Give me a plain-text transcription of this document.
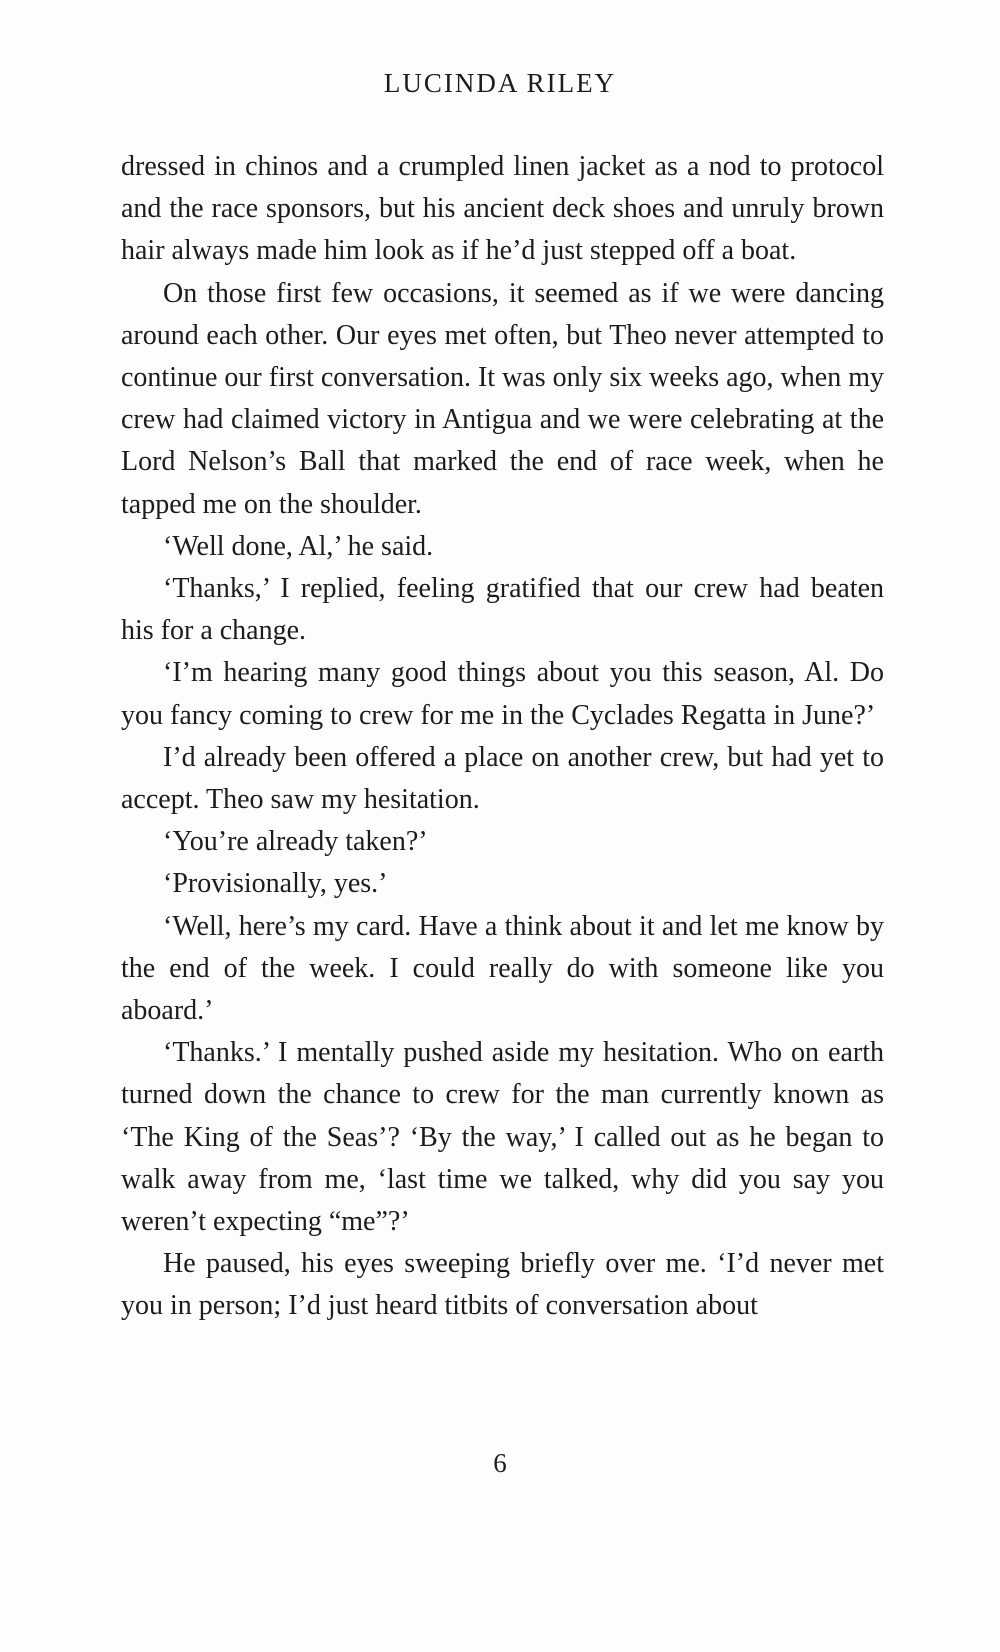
LUCINDA RILEY

dressed in chinos and a crumpled linen jacket as a nod to protocol and the race sponsors, but his ancient deck shoes and unruly brown hair always made him look as if he’d just stepped off a boat.

On those first few occasions, it seemed as if we were dancing around each other. Our eyes met often, but Theo never attempted to continue our first conversation. It was only six weeks ago, when my crew had claimed victory in Antigua and we were celebrating at the Lord Nelson’s Ball that marked the end of race week, when he tapped me on the shoulder.

‘Well done, Al,’ he said.

‘Thanks,’ I replied, feeling gratified that our crew had beaten his for a change.

‘I’m hearing many good things about you this season, Al. Do you fancy coming to crew for me in the Cyclades Regatta in June?’

I’d already been offered a place on another crew, but had yet to accept. Theo saw my hesitation.

‘You’re already taken?’

‘Provisionally, yes.’

‘Well, here’s my card. Have a think about it and let me know by the end of the week. I could really do with someone like you aboard.’

‘Thanks.’ I mentally pushed aside my hesitation. Who on earth turned down the chance to crew for the man currently known as ‘The King of the Seas’? ‘By the way,’ I called out as he began to walk away from me, ‘last time we talked, why did you say you weren’t expecting “me”?’

He paused, his eyes sweeping briefly over me. ‘I’d never met you in person; I’d just heard titbits of conversation about

6
